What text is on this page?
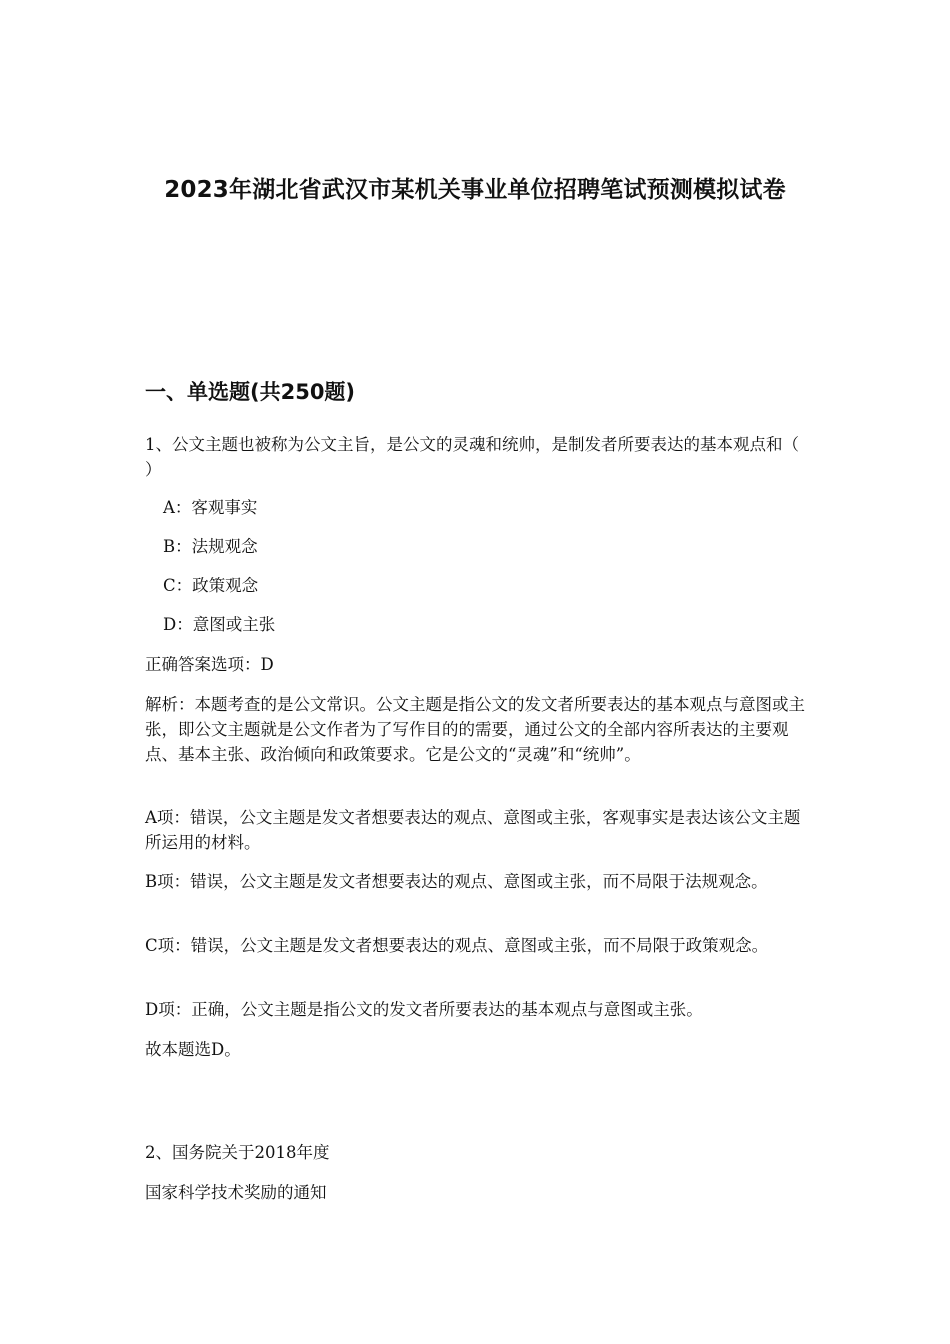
2023年湖北省武汉市某机关事业单位招聘笔试预测模拟试卷
一、单选题(共250题)

1、公文主题也被称为公文主旨，是公文的灵魂和统帅，是制发者所要表达的基本观点和（ ）

A：客观事实

B：法规观念

C：政策观念

D：意图或主张

正确答案选项：D

解析：本题考查的是公文常识。公文主题是指公文的发文者所要表达的基本观点与意图或主张，即公文主题就是公文作者为了写作目的的需要，通过公文的全部内容所表达的主要观点、基本主张、政治倾向和政策要求。它是公文的“灵魂”和“统帅”。

A项：错误，公文主题是发文者想要表达的观点、意图或主张，客观事实是表达该公文主题所运用的材料。

B项：错误，公文主题是发文者想要表达的观点、意图或主张，而不局限于法规观念。

C项：错误，公文主题是发文者想要表达的观点、意图或主张，而不局限于政策观念。

D项：正确，公文主题是指公文的发文者所要表达的基本观点与意图或主张。

故本题选D。

2、国务院关于2018年度

国家科学技术奖励的通知
